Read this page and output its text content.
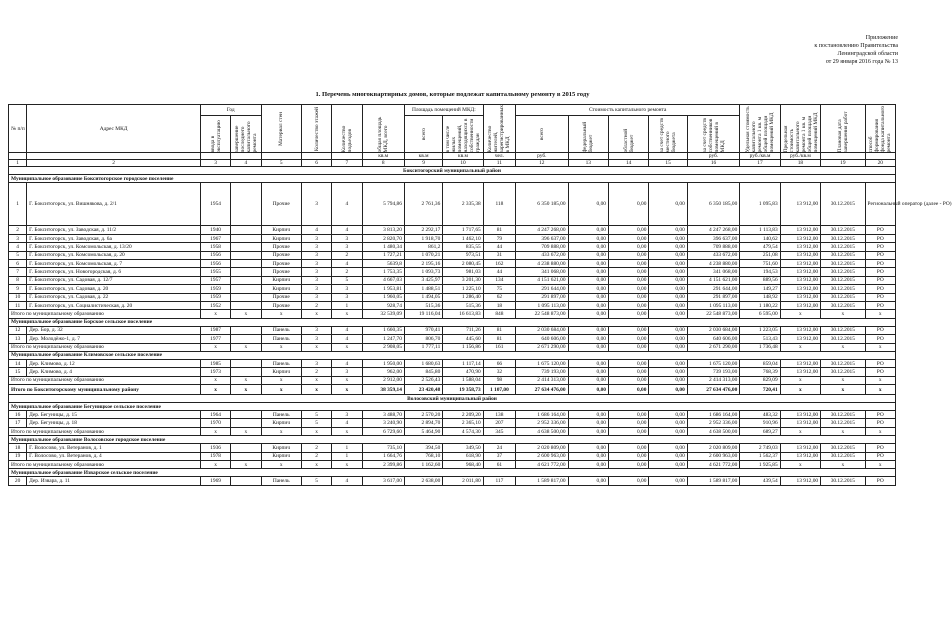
Приложение
к постановлению Правительства
Ленинградской области
от 29 января 2016 года № 13
1. Перечень многоквартирных домов, которые подлежат капитальному ремонту в 2015 году
№ п/п	Адрес МКД	Год		Материал стен	Количество этажей	Количество подъездов	общая площадь МКД, всего	Площадь помещений МКД:		Количество жителей, зарегистрированных в МКД	Стоимость капитального ремонта					Удельная стоимость капитального ремонта 1 кв. м общей площади помещений МКД	Предельная стоимость капитального ремонта 1 кв. м общей площади помещений МКД	Плановая дата завершения работ	способ формирования фонда капитального ремонта

		ввода в эксплуатацию	завершение последнего капитального ремонта					всего	в том числе жилых помещений, находящихся в собственности граждан		всего	федеральный бюджет	областной бюджет	за счет средств местного бюджета	за счет средств собственников помещений в МКД				

							кв.м	кв.м	кв.м	чел.	руб.				руб.	руб./кв.м	руб./кв.м		
1	2	3	4	5	6	7	8	9	10	11	12	13	14	15	16	17	18	19	20
Бокситогорский муниципальный район																			
Муниципальное образование Бокситогорское городское поселение																			
1	Г. Бокситогорск, ул. Вишнякова, д. 2/1	1954		Прочие	3	4	5 794,86	2 761,36	2 335,38	118	6 350 185,00	0,00	0,00	0,00	6 350 185,00	1 095,83	13 912,00	30.12.2015	Региональный оператор (далее - РО)
2	Г. Бокситогорск, ул. Заводская, д. 11/2	1940		Кирпич	4	4	3 813,20	2 292,17	1 717,65	81	4 247 268,00	0,00	0,00	0,00	4 247 268,00	1 113,83	13 912,00	30.12.2015	РО
3	Г. Бокситогорск, ул. Заводская, д. 6а	1967		Кирпич	3	3	2 820,70	1 918,70	1 462,10	79	396 637,00	0,00	0,00	0,00	396 637,00	140,62	13 912,00	30.12.2015	РО
4	Г. Бокситогорск, ул. Комсомольская, д. 13/20	1958		Прочие	3	3	1 480,34	861,2	835,55	44	709 888,00	0,00	0,00	0,00	709 888,00	479,54	13 912,00	30.12.2015	РО
5	Г. Бокситогорск, ул. Комсомольская, д. 20	1956		Прочие	3	2	1 727,21	1 070,21	973,51	31	433 672,00	0,00	0,00	0,00	433 672,00	251,08	13 912,00	30.12.2015	РО
6	Г. Бокситогорск, ул. Комсомольская, д. 7	1956		Прочие	3	4	5639,8	2 195,16	2 080,45	162	4 238 880,00	0,00	0,00	0,00	4 238 880,00	751,60	13 912,00	30.12.2015	РО
7	Г. Бокситогорск, ул. Новогородская, д. 6	1955		Прочие	3	2	1 753,35	1 093,73	981,03	44	341 068,00	0,00	0,00	0,00	341 068,00	194,53	13 912,00	30.12.2015	РО
8	Г. Бокситогорск, ул. Садовая, д. 12/7	1957		Кирпич	3	5	4 667,03	3 425,97	3 201,30	134	4 151 621,00	0,00	0,00	0,00	4 151 621,00	889,56	13 912,00	30.12.2015	РО
9	Г. Бокситогорск, ул. Садовая, д. 20	1959		Кирпич	3	3	1 953,81	1 488,51	1 225,10	75	291 644,00	0,00	0,00	0,00	291 644,00	149,27	13 912,00	30.12.2015	РО
10	Г. Бокситогорск, ул. Садовая, д. 22	1959		Прочие	3	3	1 960,05	1 494,05	1 286,40	62	291 897,00	0,00	0,00	0,00	291 897,00	148,92	13 912,00	30.12.2015	РО
11	Г. Бокситогорск, ул. Социалистическая, д. 20	1952		Прочие	2	1	928,74	515,36	515,36	18	1 095 113,00	0,00	0,00	0,00	1 095 113,00	1 180,22	13 912,00	30.12.2015	РО
Итого по муниципальному образованию		x	x	x	x	x	32 539,09	19 116,04	16 613,83	848	22 548 873,00	0,00	0,00	0,00	22 548 873,00	6 595,00	x	x	x
Муниципальное образование Борское сельское поселение																			
12	Дер. Бор, д. 32	1987		Панель	3	4	1 660,35	970,41	711,26	81	2 030 684,00	0,00	0,00	0,00	2 030 684,00	1 223,05	13 912,00	30.12.2015	РО
13	Дер. Молодёжо-1, д. 7	1977		Панель	3	4	1 247,70	806,70	445,60	81	640 606,00	0,00	0,00	0,00	640 606,00	513,43	13 912,00	30.12.2015	РО
Итого по муниципальному образованию		x	x	x	x	x	2 908,05	1 777,11	1 156,86	161	2 671 290,00	0,00	0,00	0,00	2 671 290,00	1 736,48	x	x	x
Муниципальное образование Климовское сельское поселение																			
14	Дер. Климово, д. 12	1985		Панель	3	4	1 950,00	1 680,63	1 117,14	66	1 675 120,00	0,00	0,00	0,00	1 675 120,00	859,04	13 912,00	30.12.2015	РО
15	Дер. Климово, д. 4	1973		Кирпич	2	3	962,00	845,80	470,90	32	739 193,00	0,00	0,00	0,00	739 193,00	768,39	13 912,00	30.12.2015	РО
Итого по муниципальному образованию		x	x	x	x	x	2 912,00	2 526,43	1 588,04	98	2 414 313,00	0,00	0,00	0,00	2 414 313,00	829,09	x	x	x
Итого по Бокситогорскому муниципальному району		x	x	x	x	x	38 359,14	23 420,48	19 358,73	1 107,00	27 634 476,00	0,00	0,00	0,00	27 634 476,00	720,41	x	x	x
Волосовский муниципальный район																			
Муниципальное образование Бегуницкое сельское поселение																			
16	Дер. Бегуницы, д. 15	1964		Панель	5	3	3 488,70	2 570,20	2 209,20	138	1 686 164,00	0,00	0,00	0,00	1 686 164,00	483,32	13 912,00	30.12.2015	РО
17	Дер. Бегуницы, д. 18	1970		Кирпич	5	4	3 240,90	2 894,70	2 365,10	207	2 952 336,00	0,00	0,00	0,00	2 952 336,00	910,96	13 912,00	30.12.2015	РО
Итого по муниципальному образованию		x	x	x	x	x	6 729,60	5 464,90	4 574,30	345	4 638 500,00	0,00	0,00	0,00	4 638 500,00	689,27	x	x	x
Муниципальное образование Волосовское городское поселение																			
18	Г. Волосово, ул. Ветеранов, д. 1	1936		Кирпич	2	1	735,10	394,50	349,50	24	2 020 809,00	0,00	0,00	0,00	2 020 809,00	2 749,03	13 912,00	30.12.2015	РО
19	Г. Волосово, ул. Ветеранов, д. 4	1978		Кирпич	2	1	1 664,76	768,10	618,90	37	2 600 963,00	0,00	0,00	0,00	2 600 963,00	1 562,37	13 912,00	30.12.2015	РО
Итого по муниципальному образованию		x	x	x	x	x	2 399,86	1 162,60	968,40	61	4 621 772,00	0,00	0,00	0,00	4 621 772,00	1 925,85	x	x	x
Муниципальное образование Изварское сельское поселение																			
20	Дер. Извара, д. 11	1969		Панель	5	4	3 617,00	2 638,00	2 011,80	117	1 589 817,00	0,00	0,00	0,00	1 589 817,00	439,54	13 912,00	30.12.2015	РО
